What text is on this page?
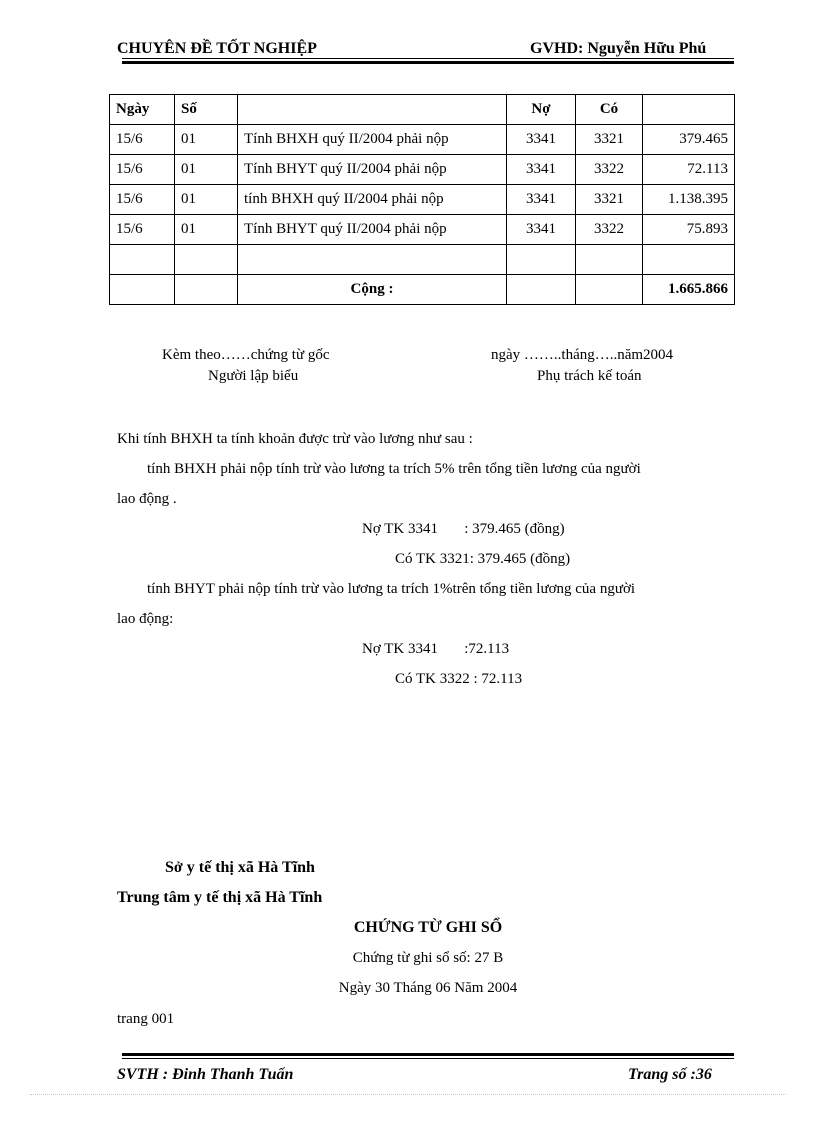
CHUYÊN ĐỀ TỐT NGHIỆP	GVHD: Nguyễn Hữu Phú
Ngày	Số		Nợ	Có	
15/6	01	Tính BHXH quý II/2004 phải nộp	3341	3321	379.465
15/6	01	Tính BHYT quý II/2004 phải nộp	3341	3322	72.113
15/6	01	tính BHXH quý II/2004 phải nộp	3341	3321	1.138.395
15/6	01	Tính BHYT quý II/2004 phải nộp	3341	3322	75.893

		Cộng :			1.665.866
Kèm theo……chứng từ gốc	ngày ……..tháng…..năm2004
Người lập biểu	Phụ trách kế toán
Khi tính BHXH ta tính khoản được trừ vào lương như sau :
tính BHXH phải nộp tính trừ vào lương ta trích 5% trên tổng tiền lương của người
lao động .
Nợ TK 3341       : 379.465 (đồng)
Có TK 3321: 379.465 (đồng)
tính BHYT phải nộp tính trừ vào lương ta trích 1%trên tổng tiền lương của người
lao động:
Nợ TK 3341       :72.113
Có TK 3322 : 72.113
Sở y tế thị xã Hà Tĩnh
Trung tâm y tế thị xã Hà Tĩnh
CHỨNG TỪ GHI SỔ
Chứng từ ghi sổ số: 27 B
Ngày 30 Tháng 06 Năm 2004
trang 001
SVTH : Đinh Thanh Tuấn	Trang số :36
